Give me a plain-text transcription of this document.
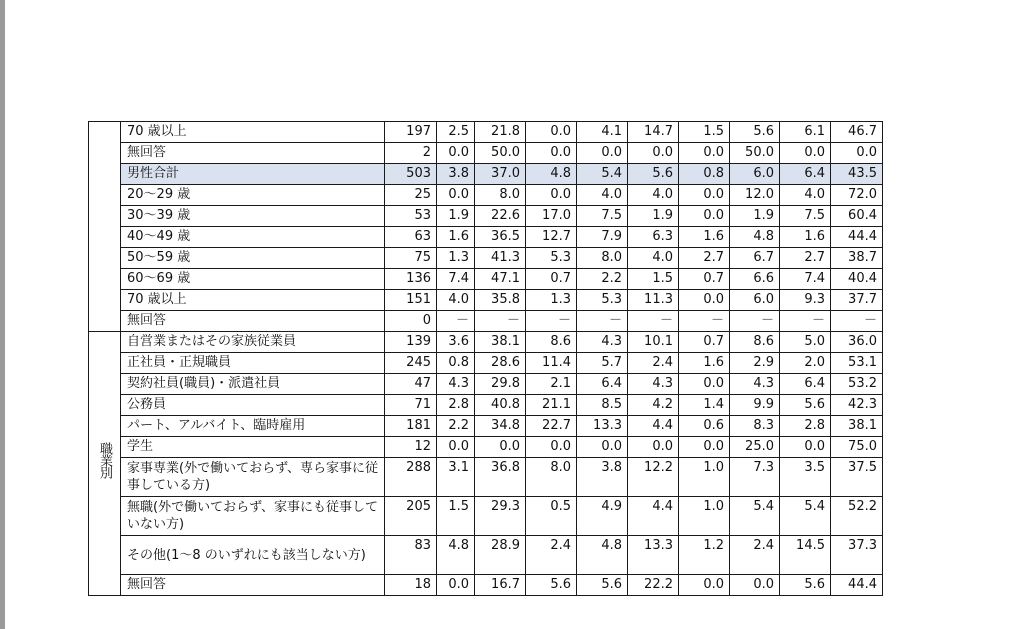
	70 歳以上	197	2.5	21.8	0.0	4.1	14.7	1.5	5.6	6.1	46.7
	無回答	2	0.0	50.0	0.0	0.0	0.0	0.0	50.0	0.0	0.0
	男性合計	503	3.8	37.0	4.8	5.4	5.6	0.8	6.0	6.4	43.5
	20～29 歳	25	0.0	8.0	0.0	4.0	4.0	0.0	12.0	4.0	72.0
	30～39 歳	53	1.9	22.6	17.0	7.5	1.9	0.0	1.9	7.5	60.4
	40～49 歳	63	1.6	36.5	12.7	7.9	6.3	1.6	4.8	1.6	44.4
	50～59 歳	75	1.3	41.3	5.3	8.0	4.0	2.7	6.7	2.7	38.7
	60～69 歳	136	7.4	47.1	0.7	2.2	1.5	0.7	6.6	7.4	40.4
	70 歳以上	151	4.0	35.8	1.3	5.3	11.3	0.0	6.0	9.3	37.7
	無回答	0	－	－	－	－	－	－	－	－	－
職業別	自営業またはその家族従業員	139	3.6	38.1	8.6	4.3	10.1	0.7	8.6	5.0	36.0
	正社員・正規職員	245	0.8	28.6	11.4	5.7	2.4	1.6	2.9	2.0	53.1
	契約社員(職員)・派遣社員	47	4.3	29.8	2.1	6.4	4.3	0.0	4.3	6.4	53.2
	公務員	71	2.8	40.8	21.1	8.5	4.2	1.4	9.9	5.6	42.3
	パート、アルバイト、臨時雇用	181	2.2	34.8	22.7	13.3	4.4	0.6	8.3	2.8	38.1
	学生	12	0.0	0.0	0.0	0.0	0.0	0.0	25.0	0.0	75.0
	家事専業(外で働いておらず、専ら家事に従事している方)	288	3.1	36.8	8.0	3.8	12.2	1.0	7.3	3.5	37.5
	無職(外で働いておらず、家事にも従事していない方)	205	1.5	29.3	0.5	4.9	4.4	1.0	5.4	5.4	52.2
	その他(1～8 のいずれにも該当しない方)	83	4.8	28.9	2.4	4.8	13.3	1.2	2.4	14.5	37.3
	無回答	18	0.0	16.7	5.6	5.6	22.2	0.0	0.0	5.6	44.4
